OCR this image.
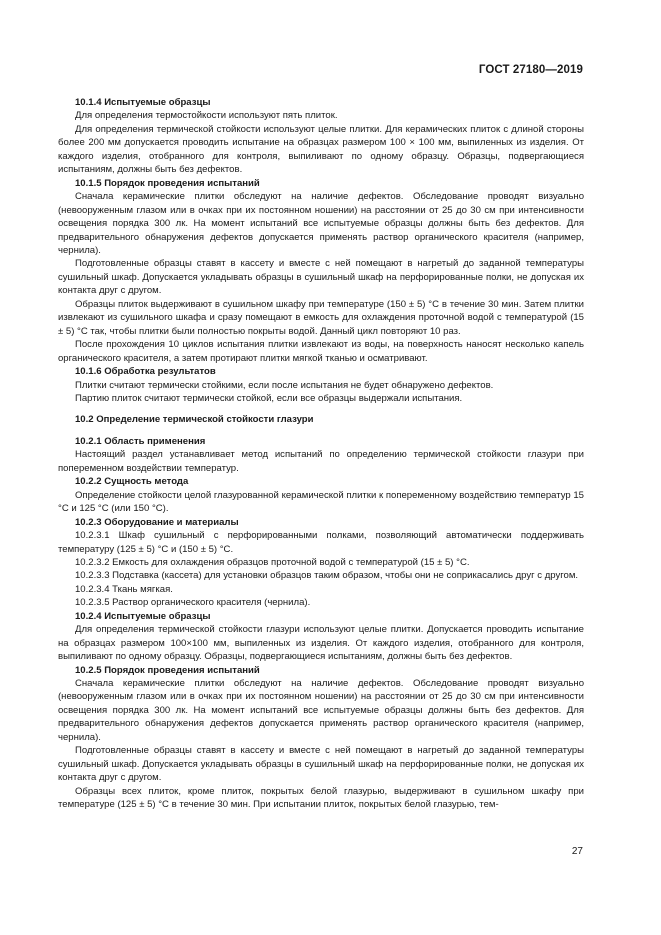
ГОСТ 27180—2019

10.1.4 Испытуемые образцы

Для определения термостойкости используют пять плиток.

Для определения термической стойкости используют целые плитки. Для керамических плиток с длиной стороны более 200 мм допускается проводить испытание на образцах размером 100 × 100 мм, выпиленных из изделия. От каждого изделия, отобранного для контроля, выпиливают по одному образцу. Образцы, подвергающиеся испытаниям, должны быть без дефектов.

10.1.5 Порядок проведения испытаний

Сначала керамические плитки обследуют на наличие дефектов. Обследование проводят визуально (невооруженным глазом или в очках при их постоянном ношении) на расстоянии от 25 до 30 см при интенсивности освещения порядка 300 лк. На момент испытаний все испытуемые образцы должны быть без дефектов. Для предварительного обнаружения дефектов допускается применять раствор органического красителя (например, чернила).

Подготовленные образцы ставят в кассету и вместе с ней помещают в нагретый до заданной температуры сушильный шкаф. Допускается укладывать образцы в сушильный шкаф на перфорированные полки, не допуская их контакта друг с другом.

Образцы плиток выдерживают в сушильном шкафу при температуре (150 ± 5) °С в течение 30 мин. Затем плитки извлекают из сушильного шкафа и сразу помещают в емкость для охлаждения проточной водой с температурой (15 ± 5) °С так, чтобы плитки были полностью покрыты водой. Данный цикл повторяют 10 раз.

После прохождения 10 циклов испытания плитки извлекают из воды, на поверхность наносят несколько капель органического красителя, а затем протирают плитки мягкой тканью и осматривают.

10.1.6 Обработка результатов

Плитки считают термически стойкими, если после испытания не будет обнаружено дефектов.

Партию плиток считают термически стойкой, если все образцы выдержали испытания.

10.2 Определение термической стойкости глазури

10.2.1 Область применения

Настоящий раздел устанавливает метод испытаний по определению термической стойкости глазури при попеременном воздействии температур.

10.2.2 Сущность метода

Определение стойкости целой глазурованной керамической плитки к попеременному воздействию температур 15 °С и 125 °С (или 150 °С).

10.2.3 Оборудование и материалы

10.2.3.1 Шкаф сушильный с перфорированными полками, позволяющий автоматически поддерживать температуру (125 ± 5) °С и (150 ± 5) °С.

10.2.3.2 Емкость для охлаждения образцов проточной водой с температурой (15 ± 5) °С.

10.2.3.3 Подставка (кассета) для установки образцов таким образом, чтобы они не соприкасались друг с другом.

10.2.3.4 Ткань мягкая.

10.2.3.5 Раствор органического красителя (чернила).

10.2.4 Испытуемые образцы

Для определения термической стойкости глазури используют целые плитки. Допускается проводить испытание на образцах размером 100×100 мм, выпиленных из изделия. От каждого изделия, отобранного для контроля, выпиливают по одному образцу. Образцы, подвергающиеся испытаниям, должны быть без дефектов.

10.2.5 Порядок проведения испытаний

Сначала керамические плитки обследуют на наличие дефектов. Обследование проводят визуально (невооруженным глазом или в очках при их постоянном ношении) на расстоянии от 25 до 30 см при интенсивности освещения порядка 300 лк. На момент испытаний все испытуемые образцы должны быть без дефектов. Для предварительного обнаружения дефектов допускается применять раствор органического красителя (например, чернила).

Подготовленные образцы ставят в кассету и вместе с ней помещают в нагретый до заданной температуры сушильный шкаф. Допускается укладывать образцы в сушильный шкаф на перфорированные полки, не допуская их контакта друг с другом.

Образцы всех плиток, кроме плиток, покрытых белой глазурью, выдерживают в сушильном шкафу при температуре (125 ± 5) °С в течение 30 мин. При испытании плиток, покрытых белой глазурью, тем-

27
